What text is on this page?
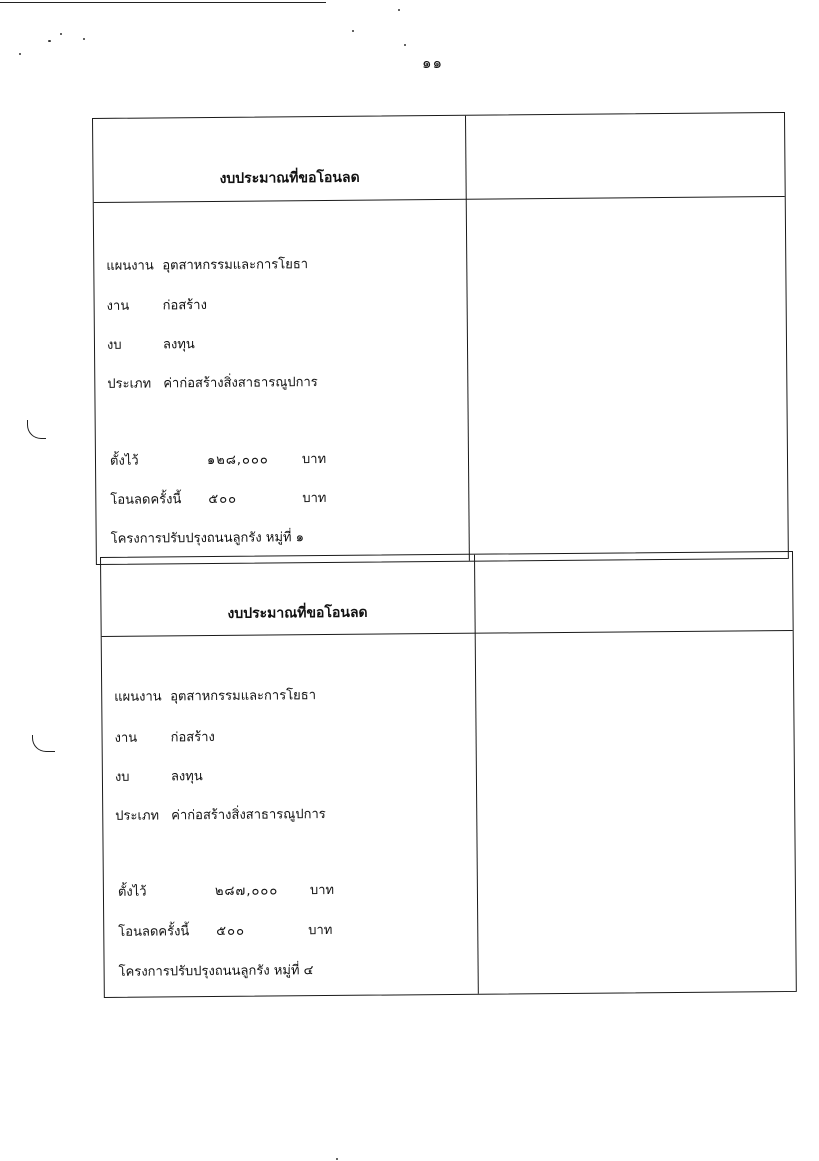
๑๑
งบประมาณที่ขอโอนลด
แผนงาน อุตสาหกรรมและการโยธา
งาน	ก่อสร้าง
งบ	ลงทุน
ประเภท ค่าก่อสร้างสิ่งสาธารณูปการ
ตั้งไว้	๑๒๘,๐๐๐	บาท
โอนลดครั้งนี้ ๕๐๐	บาท
โครงการปรับปรุงถนนลูกรัง หมู่ที่ ๑
งบประมาณที่ขอโอนลด
แผนงาน อุตสาหกรรมและการโยธา
งาน	ก่อสร้าง
งบ	ลงทุน
ประเภท ค่าก่อสร้างสิ่งสาธารณูปการ
ตั้งไว้	๒๘๗,๐๐๐ บาท
โอนลดครั้งนี้ ๕๐๐	บาท
โครงการปรับปรุงถนนลูกรัง หมู่ที่ ๔
